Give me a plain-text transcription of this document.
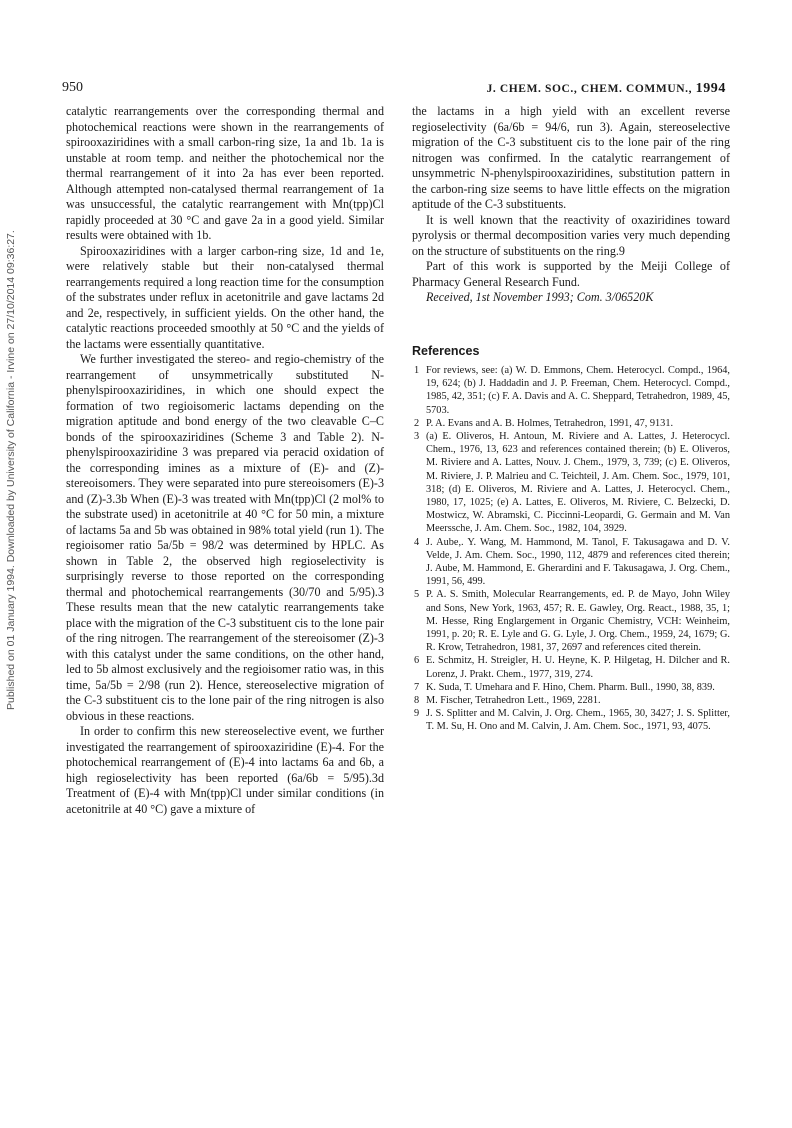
Published on 01 January 1994. Downloaded by University of California - Irvine on 27/10/2014 09:36:27.
950	J. CHEM. SOC., CHEM. COMMUN., 1994

catalytic rearrangements over the corresponding thermal and photochemical reactions were shown in the rearrangements of spirooxaziridines with a small carbon-ring size, 1a and 1b. 1a is unstable at room temp. and neither the photochemical nor the thermal rearrangement of it into 2a has ever been reported. Although attempted non-catalysed thermal rearrangement of 1a was unsuccessful, the catalytic rearrangement with Mn(tpp)Cl rapidly proceeded at 30 °C and gave 2a in a good yield. Similar results were obtained with 1b.

Spirooxaziridines with a larger carbon-ring size, 1d and 1e, were relatively stable but their non-catalysed thermal rearrangements required a long reaction time for the consumption of the substrates under reflux in acetonitrile and gave lactams 2d and 2e, respectively, in sufficient yields. On the other hand, the catalytic reactions proceeded smoothly at 50 °C and the yields of the lactams were essentially quantitative.

We further investigated the stereo- and regio-chemistry of the rearrangement of unsymmetrically substituted N-phenylspirooxaziridines, in which one should expect the formation of two regioisomeric lactams depending on the migration aptitude and bond energy of the two cleavable C–C bonds of the spirooxaziridines (Scheme 3 and Table 2). N-phenylspirooxaziridine 3 was prepared via peracid oxidation of the corresponding imines as a mixture of (E)- and (Z)-stereoisomers. They were separated into pure stereoisomers (E)-3 and (Z)-3.3b When (E)-3 was treated with Mn(tpp)Cl (2 mol% to the substrate used) in acetonitrile at 40 °C for 50 min, a mixture of lactams 5a and 5b was obtained in 98% total yield (run 1). The regioisomer ratio 5a/5b = 98/2 was determined by HPLC. As shown in Table 2, the observed high regioselectivity is surprisingly reverse to those reported on the corresponding thermal and photochemical rearrangements (30/70 and 5/95).3 These results mean that the new catalytic rearrangements take place with the migration of the C-3 substituent cis to the lone pair of the ring nitrogen. The rearrangement of the stereoisomer (Z)-3 with this catalyst under the same conditions, on the other hand, led to 5b almost exclusively and the regioisomer ratio was, in this time, 5a/5b = 2/98 (run 2). Hence, stereoselective migration of the C-3 substituent cis to the lone pair of the ring nitrogen is also obvious in these reactions.

In order to confirm this new stereoselective event, we further investigated the rearrangement of spirooxaziridine (E)-4. For the photochemical rearrangement of (E)-4 into lactams 6a and 6b, a high regioselectivity has been reported (6a/6b = 5/95).3d Treatment of (E)-4 with Mn(tpp)Cl under similar conditions (in acetonitrile at 40 °C) gave a mixture of

the lactams in a high yield with an excellent reverse regioselectivity (6a/6b = 94/6, run 3). Again, stereoselective migration of the C-3 substituent cis to the lone pair of the ring nitrogen was confirmed. In the catalytic rearrangement of unsymmetric N-phenylspirooxaziridines, substitution pattern in the carbon-ring size seems to have little effects on the migration aptitude of the C-3 substituents.

It is well known that the reactivity of oxaziridines toward pyrolysis or thermal decomposition varies very much depending on the structure of substituents on the ring.9

Part of this work is supported by the Meiji College of Pharmacy General Research Fund.

Received, 1st November 1993; Com. 3/06520K

References
1 For reviews, see: (a) W. D. Emmons, Chem. Heterocycl. Compd., 1964, 19, 624; (b) J. Haddadin and J. P. Freeman, Chem. Heterocycl. Compd., 1985, 42, 351; (c) F. A. Davis and A. C. Sheppard, Tetrahedron, 1989, 45, 5703.
2 P. A. Evans and A. B. Holmes, Tetrahedron, 1991, 47, 9131.
3 (a) E. Oliveros, H. Antoun, M. Riviere and A. Lattes, J. Heterocycl. Chem., 1976, 13, 623 and references contained therein; (b) E. Oliveros, M. Riviere and A. Lattes, Nouv. J. Chem., 1979, 3, 739; (c) E. Oliveros, M. Riviere, J. P. Malrieu and C. Teichteil, J. Am. Chem. Soc., 1979, 101, 318; (d) E. Oliveros, M. Riviere and A. Lattes, J. Heterocycl. Chem., 1980, 17, 1025; (e) A. Lattes, E. Oliveros, M. Riviere, C. Belzecki, D. Mostwicz, W. Abramski, C. Piccinni-Leopardi, G. Germain and M. Van Meerssche, J. Am. Chem. Soc., 1982, 104, 3929.
4 J. Aube,. Y. Wang, M. Hammond, M. Tanol, F. Takusagawa and D. V. Velde, J. Am. Chem. Soc., 1990, 112, 4879 and references cited therein; J. Aube, M. Hammond, E. Gherardini and F. Takusagawa, J. Org. Chem., 1991, 56, 499.
5 P. A. S. Smith, Molecular Rearrangements, ed. P. de Mayo, John Wiley and Sons, New York, 1963, 457; R. E. Gawley, Org. React., 1988, 35, 1; M. Hesse, Ring Englargement in Organic Chemistry, VCH: Weinheim, 1991, p. 20; R. E. Lyle and G. G. Lyle, J. Org. Chem., 1959, 24, 1679; G. R. Krow, Tetrahedron, 1981, 37, 2697 and references cited therein.
6 E. Schmitz, H. Streigler, H. U. Heyne, K. P. Hilgetag, H. Dilcher and R. Lorenz, J. Prakt. Chem., 1977, 319, 274.
7 K. Suda, T. Umehara and F. Hino, Chem. Pharm. Bull., 1990, 38, 839.
8 M. Fischer, Tetrahedron Lett., 1969, 2281.
9 J. S. Splitter and M. Calvin, J. Org. Chem., 1965, 30, 3427; J. S. Splitter, T. M. Su, H. Ono and M. Calvin, J. Am. Chem. Soc., 1971, 93, 4075.
